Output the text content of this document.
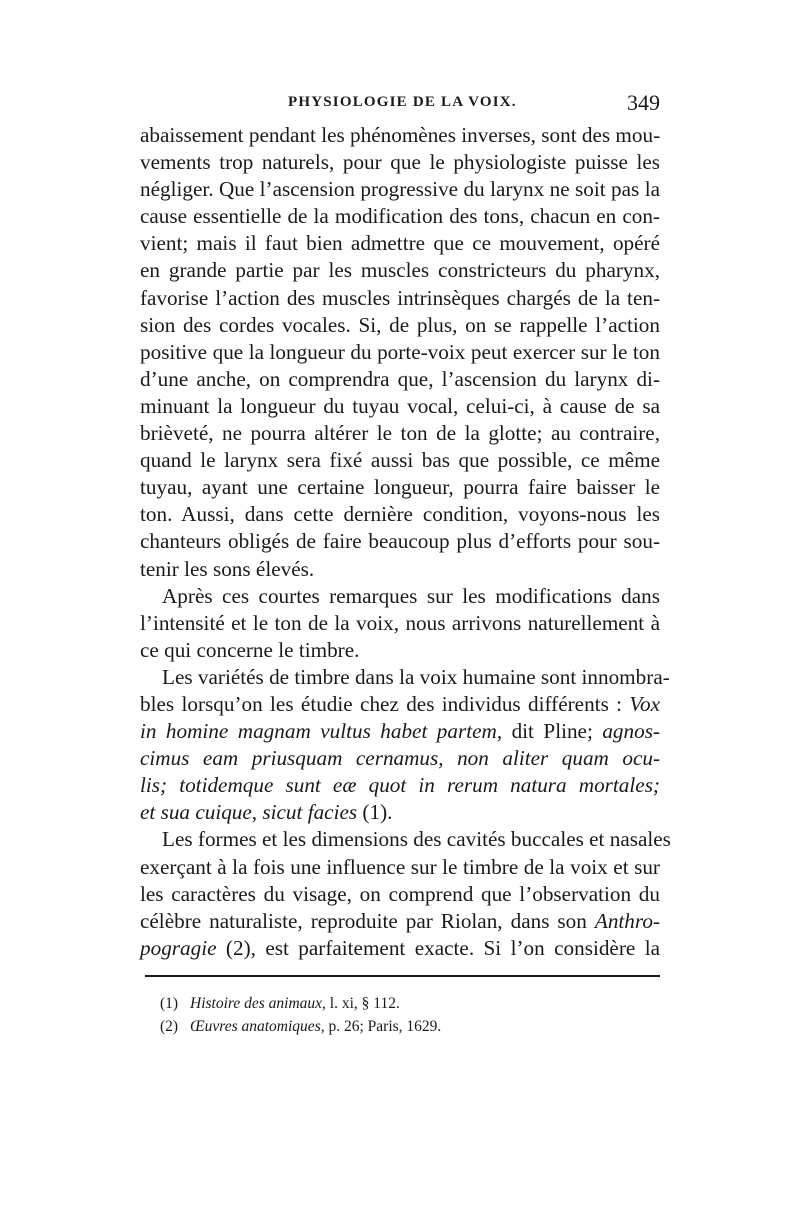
PHYSIOLOGIE DE LA VOIX.	349
abaissement pendant les phénomènes inverses, sont des mou-
vements trop naturels, pour que le physiologiste puisse les
négliger. Que l’ascension progressive du larynx ne soit pas la
cause essentielle de la modification des tons, chacun en con-
vient; mais il faut bien admettre que ce mouvement, opéré
en grande partie par les muscles constricteurs du pharynx,
favorise l’action des muscles intrinsèques chargés de la ten-
sion des cordes vocales. Si, de plus, on se rappelle l’action
positive que la longueur du porte-voix peut exercer sur le ton
d’une anche, on comprendra que, l’ascension du larynx di-
minuant la longueur du tuyau vocal, celui-ci, à cause de sa
brièveté, ne pourra altérer le ton de la glotte; au contraire,
quand le larynx sera fixé aussi bas que possible, ce même
tuyau, ayant une certaine longueur, pourra faire baisser le
ton. Aussi, dans cette dernière condition, voyons-nous les
chanteurs obligés de faire beaucoup plus d’efforts pour sou-
tenir les sons élevés.
Après ces courtes remarques sur les modifications dans
l’intensité et le ton de la voix, nous arrivons naturellement à
ce qui concerne le timbre.
Les variétés de timbre dans la voix humaine sont innombra-
bles lorsqu’on les étudie chez des individus différents : Vox
in homine magnam vultus habet partem, dit Pline; agnos-
cimus eam priusquam cernamus, non aliter quam ocu-
lis; totidemque sunt eæ quot in rerum natura mortales;
et sua cuique, sicut facies (1).
Les formes et les dimensions des cavités buccales et nasales
exerçant à la fois une influence sur le timbre de la voix et sur
les caractères du visage, on comprend que l’observation du
célèbre naturaliste, reproduite par Riolan, dans son Anthro-
pogragie (2), est parfaitement exacte. Si l’on considère la
(1) Histoire des animaux, l. xi, § 112.
(2) Œuvres anatomiques, p. 26; Paris, 1629.
